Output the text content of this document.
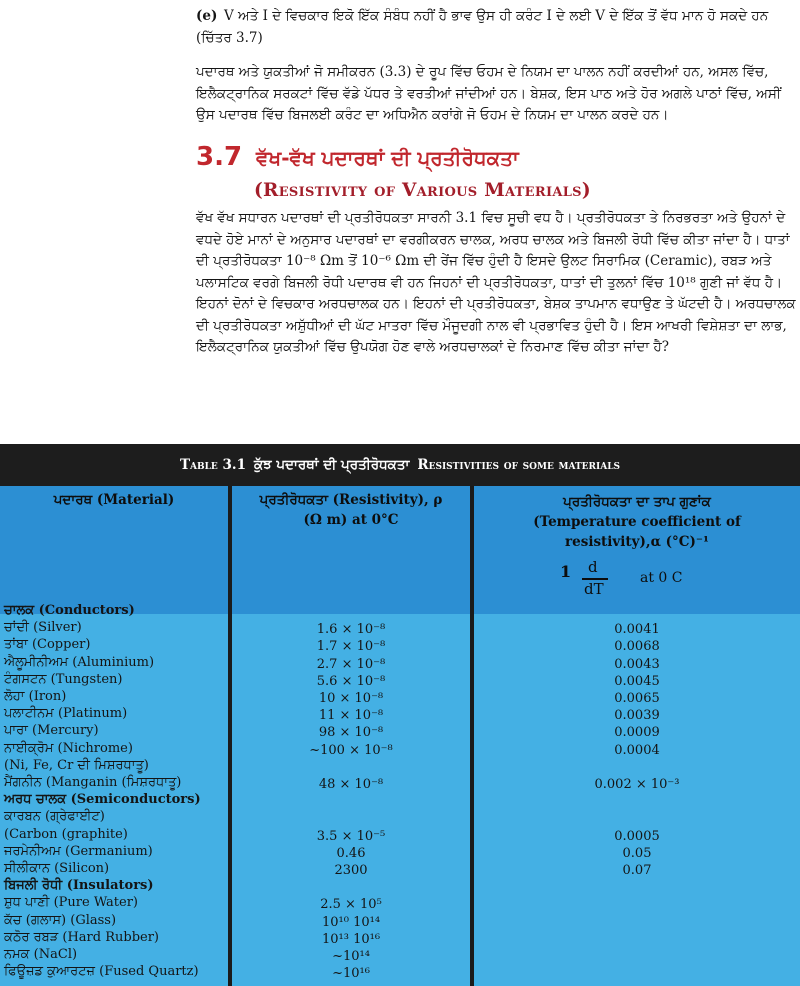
(e) V ਅਤੇ I ਦੇ ਵਿਚਕਾਰ ਇਕੋ ਇੱਕ ਸੰਬੰਧ ਨਹੀਂ ਹੈ ਭਾਵ ਉਸ ਹੀ ਕਰੰਟ I ਦੇ ਲਈ V ਦੇ ਇੱਕ ਤੋਂ ਵੱਧ ਮਾਨ ਹੋ ਸਕਦੇ ਹਨ (ਚਿੱਤਰ 3.7)

ਪਦਾਰਥ ਅਤੇ ਯੁਕਤੀਆਂ ਜੋ ਸਮੀਕਰਨ (3.3) ਦੇ ਰੂਪ ਵਿੱਚ ਓਹਮ ਦੇ ਨਿਯਮ ਦਾ ਪਾਲਨ ਨਹੀਂ ਕਰਦੀਆਂ ਹਨ, ਅਸਲ ਵਿੱਚ, ਇਲੈਕਟ੍ਰਾਨਿਕ ਸਰਕਟਾਂ ਵਿੱਚ ਵੱਡੇ ਪੱਧਰ ਤੇ ਵਰਤੀਆਂ ਜਾਂਦੀਆਂ ਹਨ। ਬੇਸ਼ਕ, ਇਸ ਪਾਠ ਅਤੇ ਹੋਰ ਅਗਲੇ ਪਾਠਾਂ ਵਿੱਚ, ਅਸੀਂ ਉਸ ਪਦਾਰਥ ਵਿੱਚ ਬਿਜਲਈ ਕਰੰਟ ਦਾ ਅਧਿਐਨ ਕਰਾਂਗੇ ਜੋ ਓਹਮ ਦੇ ਨਿਯਮ ਦਾ ਪਾਲਨ ਕਰਦੇ ਹਨ।

3.7 ਵੱਖ-ਵੱਖ ਪਦਾਰਥਾਂ ਦੀ ਪ੍ਰਤੀਰੋਧਕਤਾ
(Resistivity of Various Materials)

ਵੱਖ ਵੱਖ ਸਧਾਰਨ ਪਦਾਰਥਾਂ ਦੀ ਪ੍ਰਤੀਰੋਧਕਤਾ ਸਾਰਨੀ 3.1 ਵਿਚ ਸੂਚੀ ਵਧ ਹੈ। ਪ੍ਰਤੀਰੋਧਕਤਾ ਤੇ ਨਿਰਭਰਤਾ ਅਤੇ ਉਹਨਾਂ ਦੇ ਵਧਦੇ ਹੋਏ ਮਾਨਾਂ ਦੇ ਅਨੁਸਾਰ ਪਦਾਰਥਾਂ ਦਾ ਵਰਗੀਕਰਨ ਚਾਲਕ, ਅਰਧ ਚਾਲਕ ਅਤੇ ਬਿਜਲੀ ਰੋਧੀ ਵਿੱਚ ਕੀਤਾ ਜਾਂਦਾ ਹੈ। ਧਾਤਾਂ ਦੀ ਪ੍ਰਤੀਰੋਧਕਤਾ 10⁻⁸ Ωm ਤੋਂ 10⁻⁶ Ωm ਦੀ ਰੇਂਜ ਵਿੱਚ ਹੁੰਦੀ ਹੈ ਇਸਦੇ ਉਲਟ ਸਿਰਾਮਿਕ (Ceramic), ਰਬੜ ਅਤੇ ਪਲਾਸਟਿਕ ਵਰਗੇ ਬਿਜਲੀ ਰੋਧੀ ਪਦਾਰਥ ਵੀ ਹਨ ਜਿਹਨਾਂ ਦੀ ਪ੍ਰਤੀਰੋਧਕਤਾ, ਧਾਤਾਂ ਦੀ ਤੁਲਨਾਂ ਵਿੱਚ 10¹⁸ ਗੁਣੀ ਜਾਂ ਵੱਧ ਹੈ। ਇਹਨਾਂ ਦੋਨਾਂ ਦੇ ਵਿਚਕਾਰ ਅਰਧਚਾਲਕ ਹਨ। ਇਹਨਾਂ ਦੀ ਪ੍ਰਤੀਰੋਧਕਤਾ, ਬੇਸ਼ਕ ਤਾਪਮਾਨ ਵਧਾਉਣ ਤੇ ਘੱਟਦੀ ਹੈ। ਅਰਧਚਾਲਕ ਦੀ ਪ੍ਰਤੀਰੋਧਕਤਾ ਅਸ਼ੁੱਧੀਆਂ ਦੀ ਘੱਟ ਮਾਤਰਾ ਵਿੱਚ ਮੌਜੂਦਗੀ ਨਾਲ ਵੀ ਪ੍ਰਭਾਵਿਤ ਹੁੰਦੀ ਹੈ। ਇਸ ਆਖਰੀ ਵਿਸ਼ੇਸ਼ਤਾ ਦਾ ਲਾਭ, ਇਲੈਕਟ੍ਰਾਨਿਕ ਯੁਕਤੀਆਂ ਵਿੱਚ ਉਪਯੋਗ ਹੋਣ ਵਾਲੇ ਅਰਧਚਾਲਕਾਂ ਦੇ ਨਿਰਮਾਣ ਵਿੱਚ ਕੀਤਾ ਜਾਂਦਾ ਹੈ?

Table 3.1 ਕੁੱਝ ਪਦਾਰਥਾਂ ਦੀ ਪ੍ਰਤੀਰੋਧਕਤਾ Resistivities of some materials
ਪਦਾਰਥ (Material)	ਪ੍ਰਤੀਰੋਧਕਤਾ (Resistivity), ρ
(Ω m) at 0°C
ਪ੍ਰਤੀਰੋਧਕਤਾ ਦਾ ਤਾਪ ਗੁਣਾਂਕ
(Temperature coefficient of
resistivity),α (°C)⁻¹
1 d
dT
at 0 C
ਚਾਲਕ (Conductors)
ਚਾਂਦੀ (Silver)	1.6 × 10⁻⁸	0.0041
ਤਾਂਬਾ (Copper)	1.7 × 10⁻⁸	0.0068
ਐਲੂਮੀਨੀਅਮ (Aluminium)	2.7 × 10⁻⁸	0.0043
ਟੰਗਸਟਨ (Tungsten)	5.6 × 10⁻⁸	0.0045
ਲੋਹਾ (Iron)	10 × 10⁻⁸	0.0065
ਪਲਾਟੀਨਮ (Platinum)	11 × 10⁻⁸	0.0039
ਪਾਰਾ (Mercury)	98 × 10⁻⁸	0.0009
ਨਾਈਕ੍ਰੋਮ (Nichrome)	~100 × 10⁻⁸	0.0004
(Ni, Fe, Cr ਦੀ ਮਿਸ਼ਰਧਾਤੂ)
ਮੈਂਗਨੀਨ (Manganin (ਮਿਸ਼ਰਧਾਤੂ)	48 × 10⁻⁸	0.002 × 10⁻³
ਅਰਧ ਚਾਲਕ (Semiconductors)
ਕਾਰਬਨ (ਗ੍ਰੇਫਾਈਟ)
(Carbon (graphite)	3.5 × 10⁻⁵	0.0005
ਜਰਮੇਨੀਅਮ (Germanium)	0.46	0.05
ਸੀਲੀਕਾਨ (Silicon)	2300	0.07
ਬਿਜਲੀ ਰੋਧੀ (Insulators)
ਸ਼ੁਧ ਪਾਣੀ (Pure Water)	2.5 × 10⁵
ਕੱਚ (ਗਲਾਸ) (Glass)	10¹⁰ 10¹⁴
ਕਠੋਰ ਰਬੜ (Hard Rubber)	10¹³ 10¹⁶
ਨਮਕ (NaCl)	~10¹⁴
ਫਿਊਜ਼ਡ ਕੁਆਰਟਜ਼ (Fused Quartz)	~10¹⁶
